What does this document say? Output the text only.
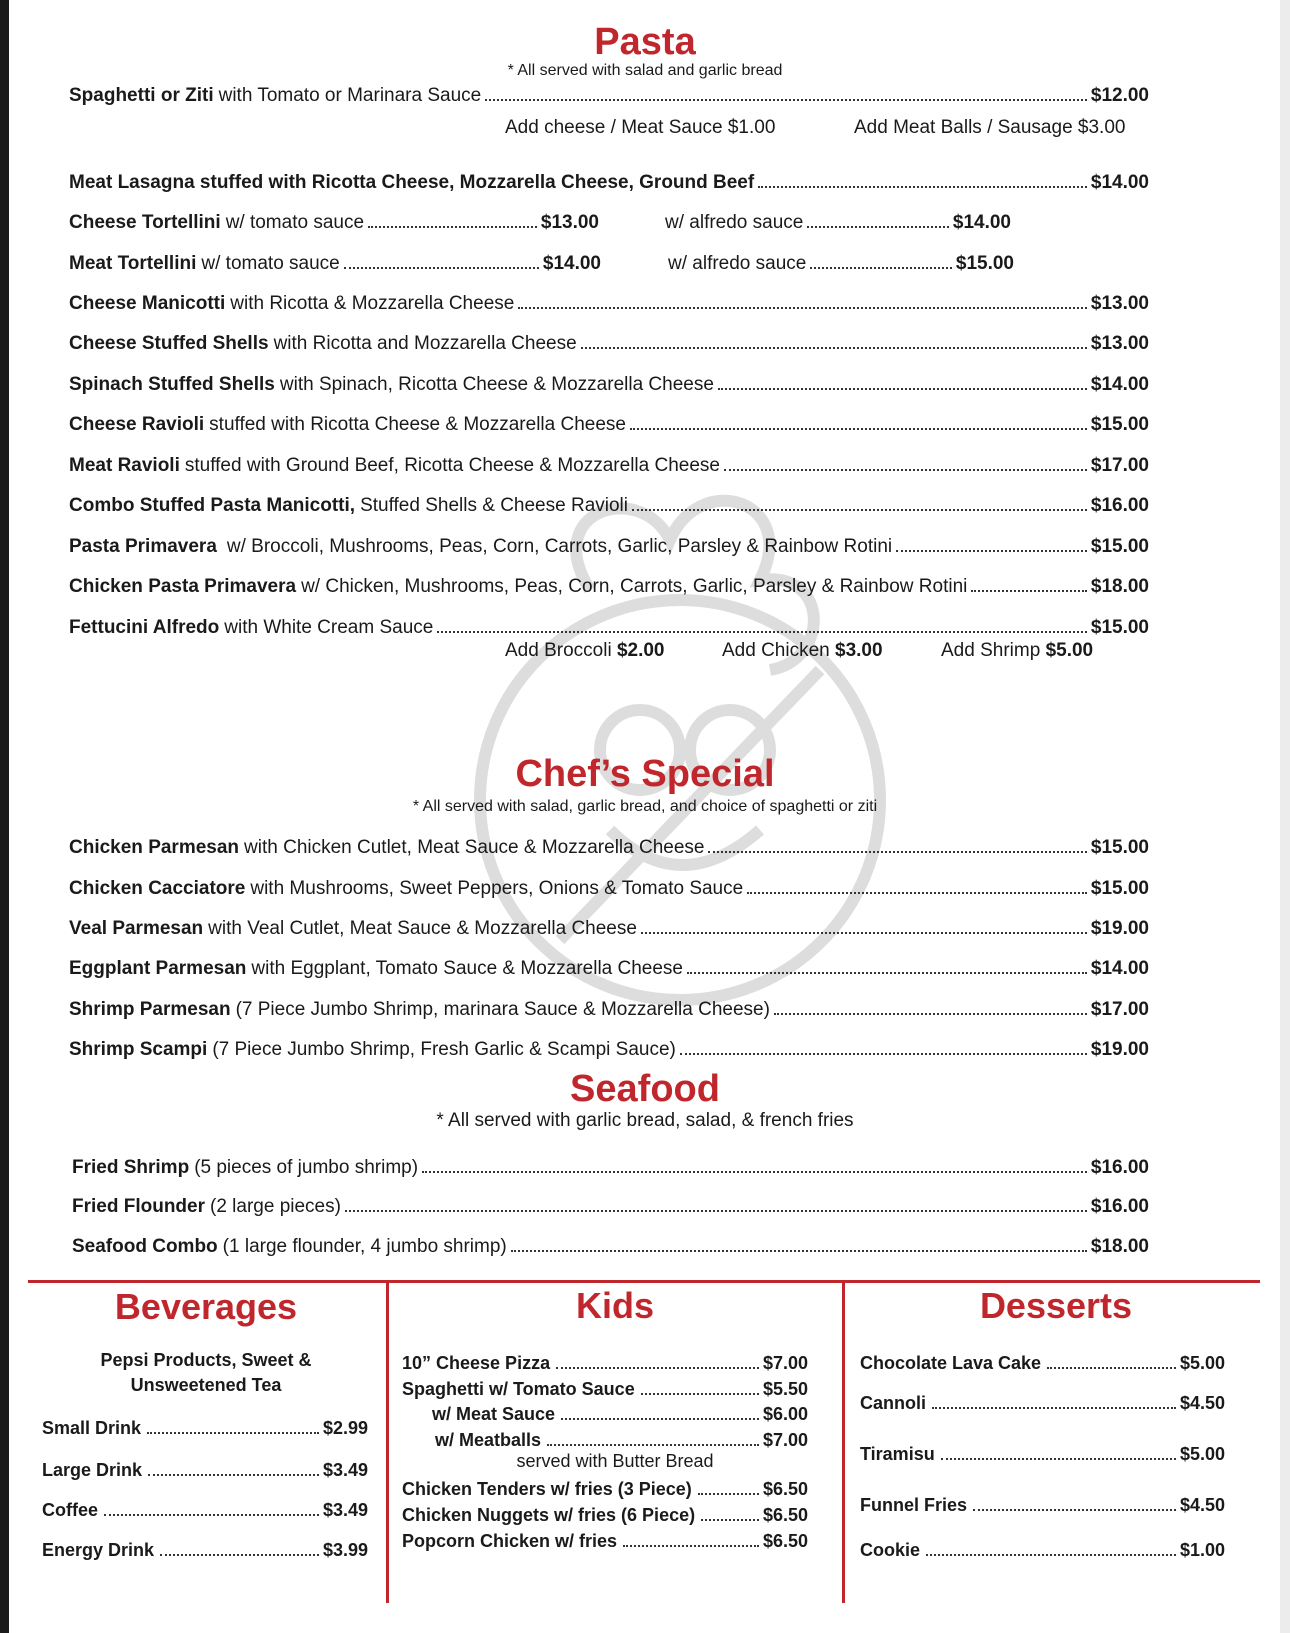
Pasta
* All served with salad and garlic bread
Spaghetti or Ziti with Tomato or Marinara Sauce	$12.00
Add cheese / Meat Sauce $1.00	Add Meat Balls / Sausage $3.00
Meat Lasagna stuffed with Ricotta Cheese, Mozzarella Cheese, Ground Beef	$14.00
Cheese Tortellini w/ tomato sauce	$13.00	w/ alfredo sauce	$14.00
Meat Tortellini w/ tomato sauce	$14.00	w/ alfredo sauce	$15.00
Cheese Manicotti with Ricotta & Mozzarella Cheese	$13.00
Cheese Stuffed Shells with Ricotta and Mozzarella Cheese	$13.00
Spinach Stuffed Shells with Spinach, Ricotta Cheese & Mozzarella Cheese	$14.00
Cheese Ravioli stuffed with Ricotta Cheese & Mozzarella Cheese	$15.00
Meat Ravioli stuffed with Ground Beef, Ricotta Cheese & Mozzarella Cheese	$17.00
Combo Stuffed Pasta Manicotti, Stuffed Shells & Cheese Ravioli	$16.00
Pasta Primavera w/ Broccoli, Mushrooms, Peas, Corn, Carrots, Garlic, Parsley & Rainbow Rotini	$15.00
Chicken Pasta Primavera w/ Chicken, Mushrooms, Peas, Corn, Carrots, Garlic, Parsley & Rainbow Rotini	$18.00
Fettucini Alfredo with White Cream Sauce	$15.00
Add Broccoli $2.00	Add Chicken $3.00	Add Shrimp $5.00
Chef’s Special
* All served with salad, garlic bread, and choice of spaghetti or ziti
Chicken Parmesan with Chicken Cutlet, Meat Sauce & Mozzarella Cheese	$15.00
Chicken Cacciatore with Mushrooms, Sweet Peppers, Onions & Tomato Sauce	$15.00
Veal Parmesan with Veal Cutlet, Meat Sauce & Mozzarella Cheese	$19.00
Eggplant Parmesan with Eggplant, Tomato Sauce & Mozzarella Cheese	$14.00
Shrimp Parmesan (7 Piece Jumbo Shrimp, marinara Sauce & Mozzarella Cheese)	$17.00
Shrimp Scampi (7 Piece Jumbo Shrimp, Fresh Garlic & Scampi Sauce)	$19.00
Seafood
* All served with garlic bread, salad, & french fries
Fried Shrimp (5 pieces of jumbo shrimp)	$16.00
Fried Flounder (2 large pieces)	$16.00
Seafood Combo (1 large flounder, 4 jumbo shrimp)	$18.00
Beverages
Pepsi Products, Sweet &
Unsweetened Tea
Small Drink	$2.99
Large Drink	$3.49
Coffee	$3.49
Energy Drink	$3.99
Kids
10” Cheese Pizza	$7.00
Spaghetti w/ Tomato Sauce	$5.50
w/ Meat Sauce	$6.00
w/ Meatballs	$7.00
served with Butter Bread
Chicken Tenders w/ fries (3 Piece)	$6.50
Chicken Nuggets w/ fries (6 Piece)	$6.50
Popcorn Chicken w/ fries	$6.50
Desserts
Chocolate Lava Cake	$5.00
Cannoli	$4.50
Tiramisu	$5.00
Funnel Fries	$4.50
Cookie	$1.00
